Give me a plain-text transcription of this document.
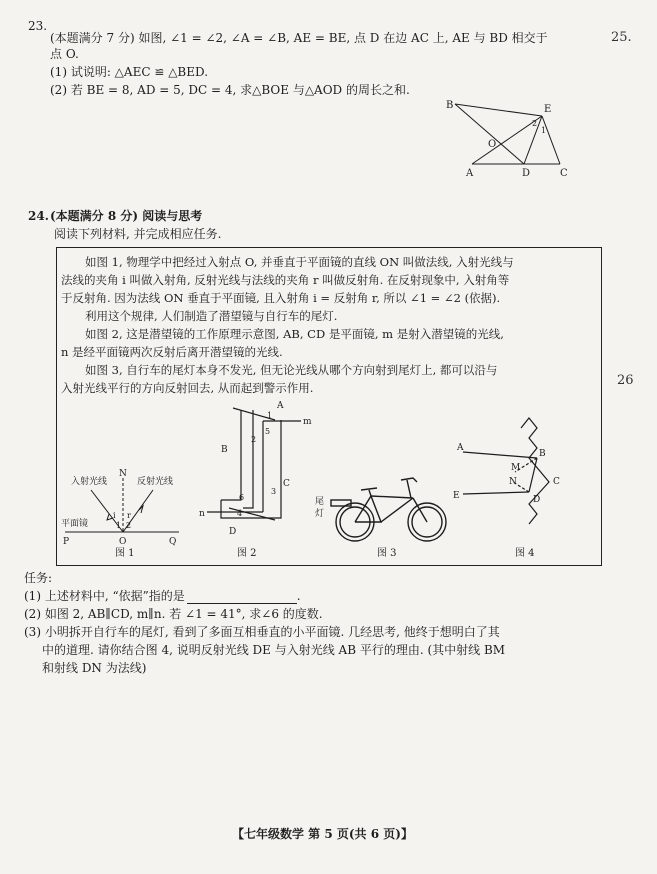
25.
26
23.
(本题满分 7 分) 如图, ∠1 = ∠2, ∠A = ∠B, AE = BE, 点 D 在边 AC 上, AE 与 BD 相交于
点 O.
(1) 试说明: △AEC ≌ △BED.
(2) 若 BE = 8, AD = 5, DC = 4, 求△BOE 与△AOD 的周长之和.
B	E
2
1
O
A	D	C
24. (本题满分 8 分) 阅读与思考
阅读下列材料, 并完成相应任务.
如图 1, 物理学中把经过入射点 O, 并垂直于平面镜的直线 ON 叫做法线, 入射光线与
法线的夹角 i 叫做入射角, 反射光线与法线的夹角 r 叫做反射角. 在反射现象中, 入射角等
于反射角. 因为法线 ON 垂直于平面镜, 且入射角 i = 反射角 r, 所以 ∠1 = ∠2 (依据).
利用这个规律, 人们制造了潜望镜与自行车的尾灯.
如图 2, 这是潜望镜的工作原理示意图, AB, CD 是平面镜, m 是射入潜望镜的光线,
n 是经平面镜两次反射后离开潜望镜的光线.
如图 3, 自行车的尾灯本身不发光, 但无论光线从哪个方向射到尾灯上, 都可以沿与
入射光线平行的方向反射回去, 从而起到警示作用.
入射光线
N
反射光线
平面镜
i r
1 2
P	O	Q
图 1
A
1
m
2
5
B
C
3
6
4
n
D
图 2
尾
灯
图 3
A
B
M
N	C
E	D
图 4
任务:
(1) 上述材料中, “依据”指的是	.
(2) 如图 2, AB∥CD, m∥n. 若 ∠1 = 41°, 求∠6 的度数.
(3) 小明拆开自行车的尾灯, 看到了多面互相垂直的小平面镜. 几经思考, 他终于想明白了其
中的道理. 请你结合图 4, 说明反射光线 DE 与入射光线 AB 平行的理由. (其中射线 BM
和射线 DN 为法线)
【七年级数学 第 5 页(共 6 页)】
